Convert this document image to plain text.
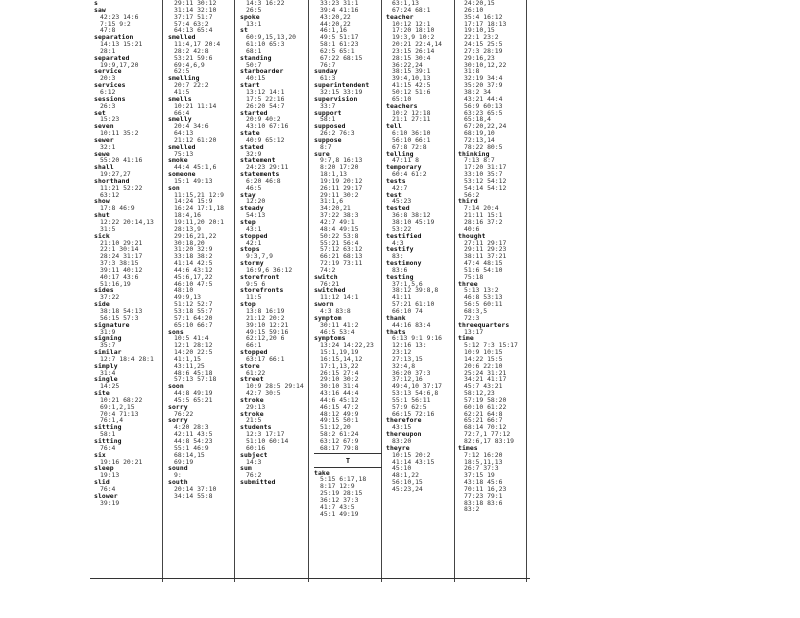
s
saw
42:23 14:6
7:15 9:2
47:8
separation
14:13 15:21
28:1
separated
19:9,17,20
service
20:3
services
6:12
sessions
26:3
set
15:23
seven
10:11 35:2
sewer
32:1
sewe
55:20 41:16
shall
19:27,27
shorthand
11:21 52:22
63:12
show
17:8 46:9
shut
12:22 20:14,13
31:5
sick
21:10 29:21
22:1 30:14
28:24 31:17
37:3 38:15
39:11 40:12
40:17 43:6
51:16,19
sides
37:22
side
38:18 54:13
56:15 57:3
signature
31:9
signing
35:7
similar
12:7 18:4 28:1
simply
31:4
single
14:25
site
10:21 68:22
69:1,2,15
70:4 71:13
76:1,4
sitting
58:1
sitting
76:4
six
19:16 20:21
sleep
19:13
slid
76:4
slower
39:19
29:11 30:12
31:14 32:10
37:17 51:7
57:4 63:2
64:13 65:4
smelled
11:4,17 20:4
28:2 42:8
53:21 59:6
69:4,6,9
62:5
smelling
20:7 22:2
41:5
smells
10:21 11:14
66:4
smelly
20:4 34:6
64:13
21:12 61:20
smelled
75:13
smoke
44:4 45:1,6
someone
15:1 49:13
son
11:15,21 12:9
14:24 15:9
16:24 17:1,18
18:4,16
19:11,20 20:1
28:13,9
29:16,21,22
30:18,20
31:20 32:9
33:18 38:2
41:14 42:5
44:6 43:12
45:6,17,22
46:10 47:5
48:10
49:9,13
51:12 52:7
53:18 55:7
57:1 64:20
65:10 66:7
sons
10:5 41:4
12:1 28:12
14:20 22:5
41:1,15
43:11,25
48:6 45:18
57:13 57:18
soon
44:8 49:19
45:5 65:21
sorry
76:22
sorry
4:20 28:3
42:11 43:5
44:8 54:23
55:1 46:9
68:14,15
69:19
sound
9:
south
20:14 37:10
34:14 55:8
14:3 16:22
26:5
spoke
13:1
st
60:9,15,13,20
61:10 65:3
68:1
standing
50:7
starboarder
40:15
start
13:12 14:1
17:5 22:16
26:20 54:7
started
20:9 40:2
43:10 67:16
state
40:9 65:12
stated
32:9
statement
24:23 29:11
statements
6:20 46:8
46:5
stay
12:20
steady
54:13
step
43:1
stopped
42:1
stops
9:3,7,9
stormy
16:9,6 36:12
storefront
9:5 6
storefronts
11:5
stop
13:8 16:19
21:12 20:2
39:10 12:21
49:15 59:16
62:12,20 6
66:1
stopped
63:17 66:1
store
61:22
street
10:9 28:5 29:14
42:7 30:5
stroke
29:13
stroke
21:5
students
12:3 17:17
51:10 60:14
60:16
subject
14:3
sum
76:2
submitted
33:23 31:1
39:4 41:16
43:20,22
44:20,22
46:1,16
49:5 51:17
58:1 61:23
62:5 65:1
67:22 68:15
76:7
sunday
61:3
superintendent
32:15 33:19
supervision
33:7
support
58:1
supposed
26:2 76:3
suppose
8:7
sure
9:7,8 16:13
8:20 17:20
18:1,13
19:19 20:12
26:11 29:17
29:11 30:2
31:1,6
34:20,21
37:22 38:3
42:7 49:1
48:4 49:15
50:22 53:8
55:21 56:4
57:12 63:12
66:21 68:13
72:19 73:11
74:2
switch
76:21
switched
11:12 14:1
sworn
4:3 83:8
symptom
30:11 41:2
46:5 53:4
symptoms
13:24 14:22,23
15:1,19,19
16:15,14,12
17:1,13,22
26:15 27:4
29:10 30:2
30:10 31:4
43:16 44:4
44:6 45:12
46:15 47:2
48:12 49:9
49:15 50:1
51:12,20
58:2 61:24
63:12 67:9
68:17 79:8
T
take
5:15 6:17,18
8:17 12:9
25:19 28:15
36:12 37:3
41:7 43:5
45:1 49:19
63:1,13
67:24 68:1
teacher
10:12 12:1
17:20 18:10
19:3,9 10:2
20:21 22:4,14
23:15 26:14
28:15 30:4
36:22,24
38:15 39:1
39:4,10,13
41:15 42:5
50:12 51:6
65:10
teachers
10:2 12:18
21:1 27:11
tell
6:10 36:10
56:10 66:1
67:8 72:8
telling
47:11 8
temporary
60:4 61:2
tests
42:7
test
45:23
tested
36:8 38:12
38:10 45:19
53:22
testified
4:3
testify
83:
testimony
83:6
testing
37:1,5,6
38:12 39:8,8
41:11
57:21 61:10
66:10 74
thank
44:16 83:4
thats
6:13 9:1 9:16
12:16 13:
23:12
27:13,15
32:4,8
36:20 37:3
37:12,16
49:4,10 37:17
53:13 54:6,8
55:1 56:11
57:9 62:5
66:15 72:16
therefore
43:15
thereupon
83:20
theyre
10:15 20:2
41:14 43:15
45:10
48:1,22
56:10,15
45:23,24
24:20,15
26:10
35:4 16:12
17:17 18:13
19:10,15
22:1 23:2
24:15 25:5
27:3 28:19
29:16,23
30:10,12,22
31:8
32:19 34:4
35:20 37:9
38:2 34
43:21 44:4
56:9 60:13
63:23 65:5
65:18,4
67:20,22,24
68:19,10
72:13,14
78:22 80:5
thinking
7:13 8:7
17:20 31:17
33:10 35:7
53:12 54:12
54:14 54:12
56:2
third
7:14 20:4
21:11 15:1
28:16 37:2
40:6
thought
27:11 29:17
29:11 29:23
38:11 37:21
47:4 48:15
51:6 54:10
75:18
three
5:13 13:2
46:8 53:13
56:5 60:11
68:3,5
72:3
threequarters
13:17
time
5:12 7:3 15:17
10:9 10:15
14:22 15:5
20:6 22:10
25:24 31:21
34:21 41:17
45:7 43:21
58:12,23
57:19 58:20
60:10 61:22
62:21 64:8
65:21 66:7
68:14 70:12
72:7,1 77:12
82:6,17 83:19
times
7:12 16:20
18:5,11,13
26:7 37:3
37:15 19
43:18 45:6
70:11 16,23
77:23 79:1
83:18 83:6
83:2
